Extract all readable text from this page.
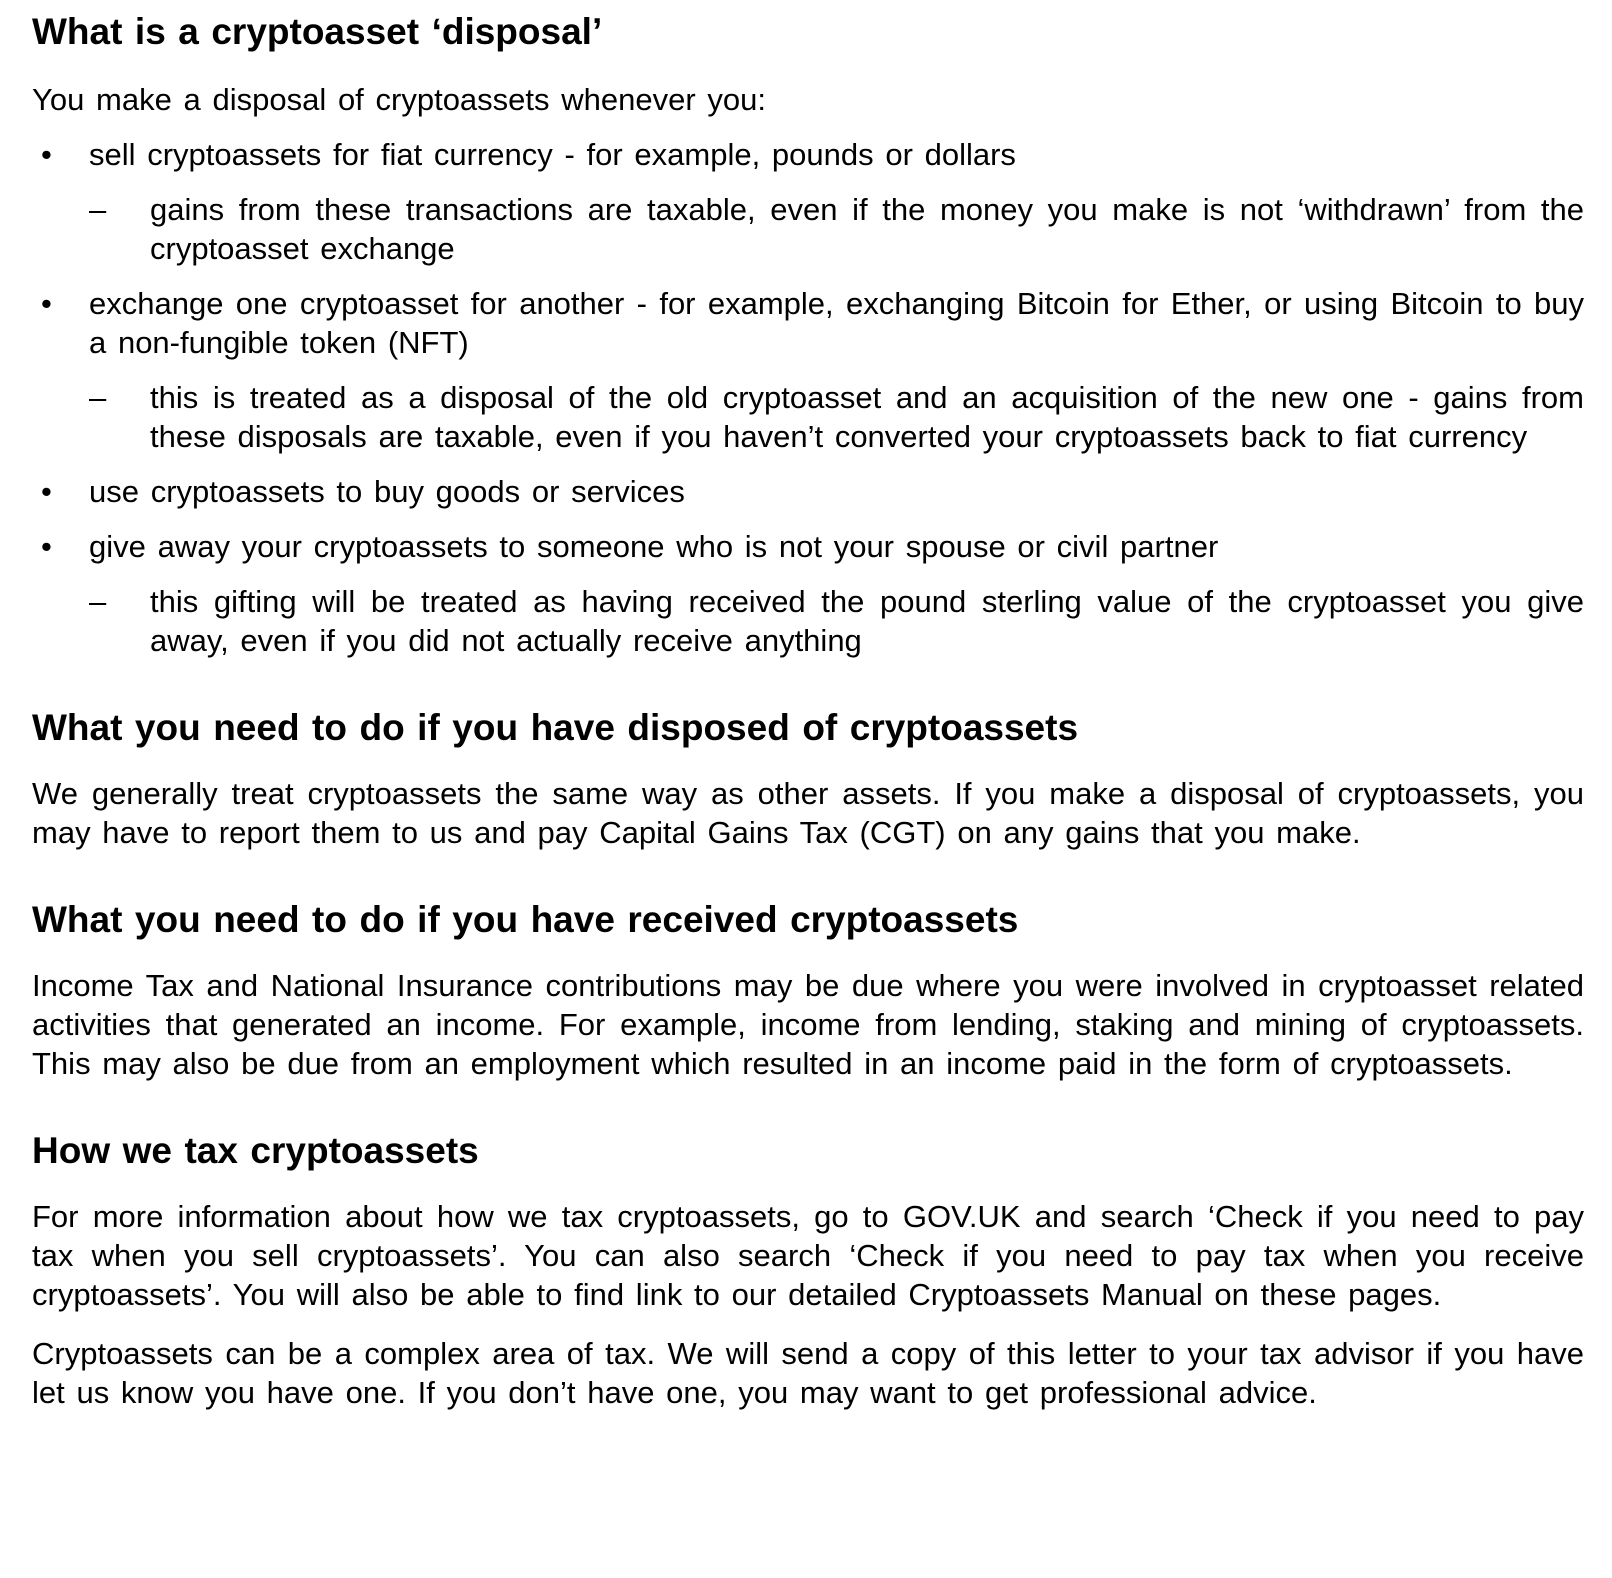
What is a cryptoasset ‘disposal’
You make a disposal of cryptoassets whenever you:
•	sell cryptoassets for fiat currency - for example, pounds or dollars
–	gains from these transactions are taxable, even if the money you make is not ‘withdrawn’ from the cryptoasset exchange
•	exchange one cryptoasset for another - for example, exchanging Bitcoin for Ether, or using Bitcoin to buy a non-fungible token (NFT)
–	this is treated as a disposal of the old cryptoasset and an acquisition of the new one - gains from these disposals are taxable, even if you haven’t converted your cryptoassets back to fiat currency
•	use cryptoassets to buy goods or services
•	give away your cryptoassets to someone who is not your spouse or civil partner
–	this gifting will be treated as having received the pound sterling value of the cryptoasset you give away, even if you did not actually receive anything
What you need to do if you have disposed of cryptoassets
We generally treat cryptoassets the same way as other assets. If you make a disposal of cryptoassets, you may have to report them to us and pay Capital Gains Tax (CGT) on any gains that you make.
What you need to do if you have received cryptoassets
Income Tax and National Insurance contributions may be due where you were involved in cryptoasset related activities that generated an income. For example, income from lending, staking and mining of cryptoassets. This may also be due from an employment which resulted in an income paid in the form of cryptoassets.
How we tax cryptoassets
For more information about how we tax cryptoassets, go to GOV.UK and search ‘Check if you need to pay tax when you sell cryptoassets’. You can also search ‘Check if you need to pay tax when you receive cryptoassets’. You will also be able to find link to our detailed Cryptoassets Manual on these pages.
Cryptoassets can be a complex area of tax. We will send a copy of this letter to your tax advisor if you have let us know you have one. If you don’t have one, you may want to get professional advice.
